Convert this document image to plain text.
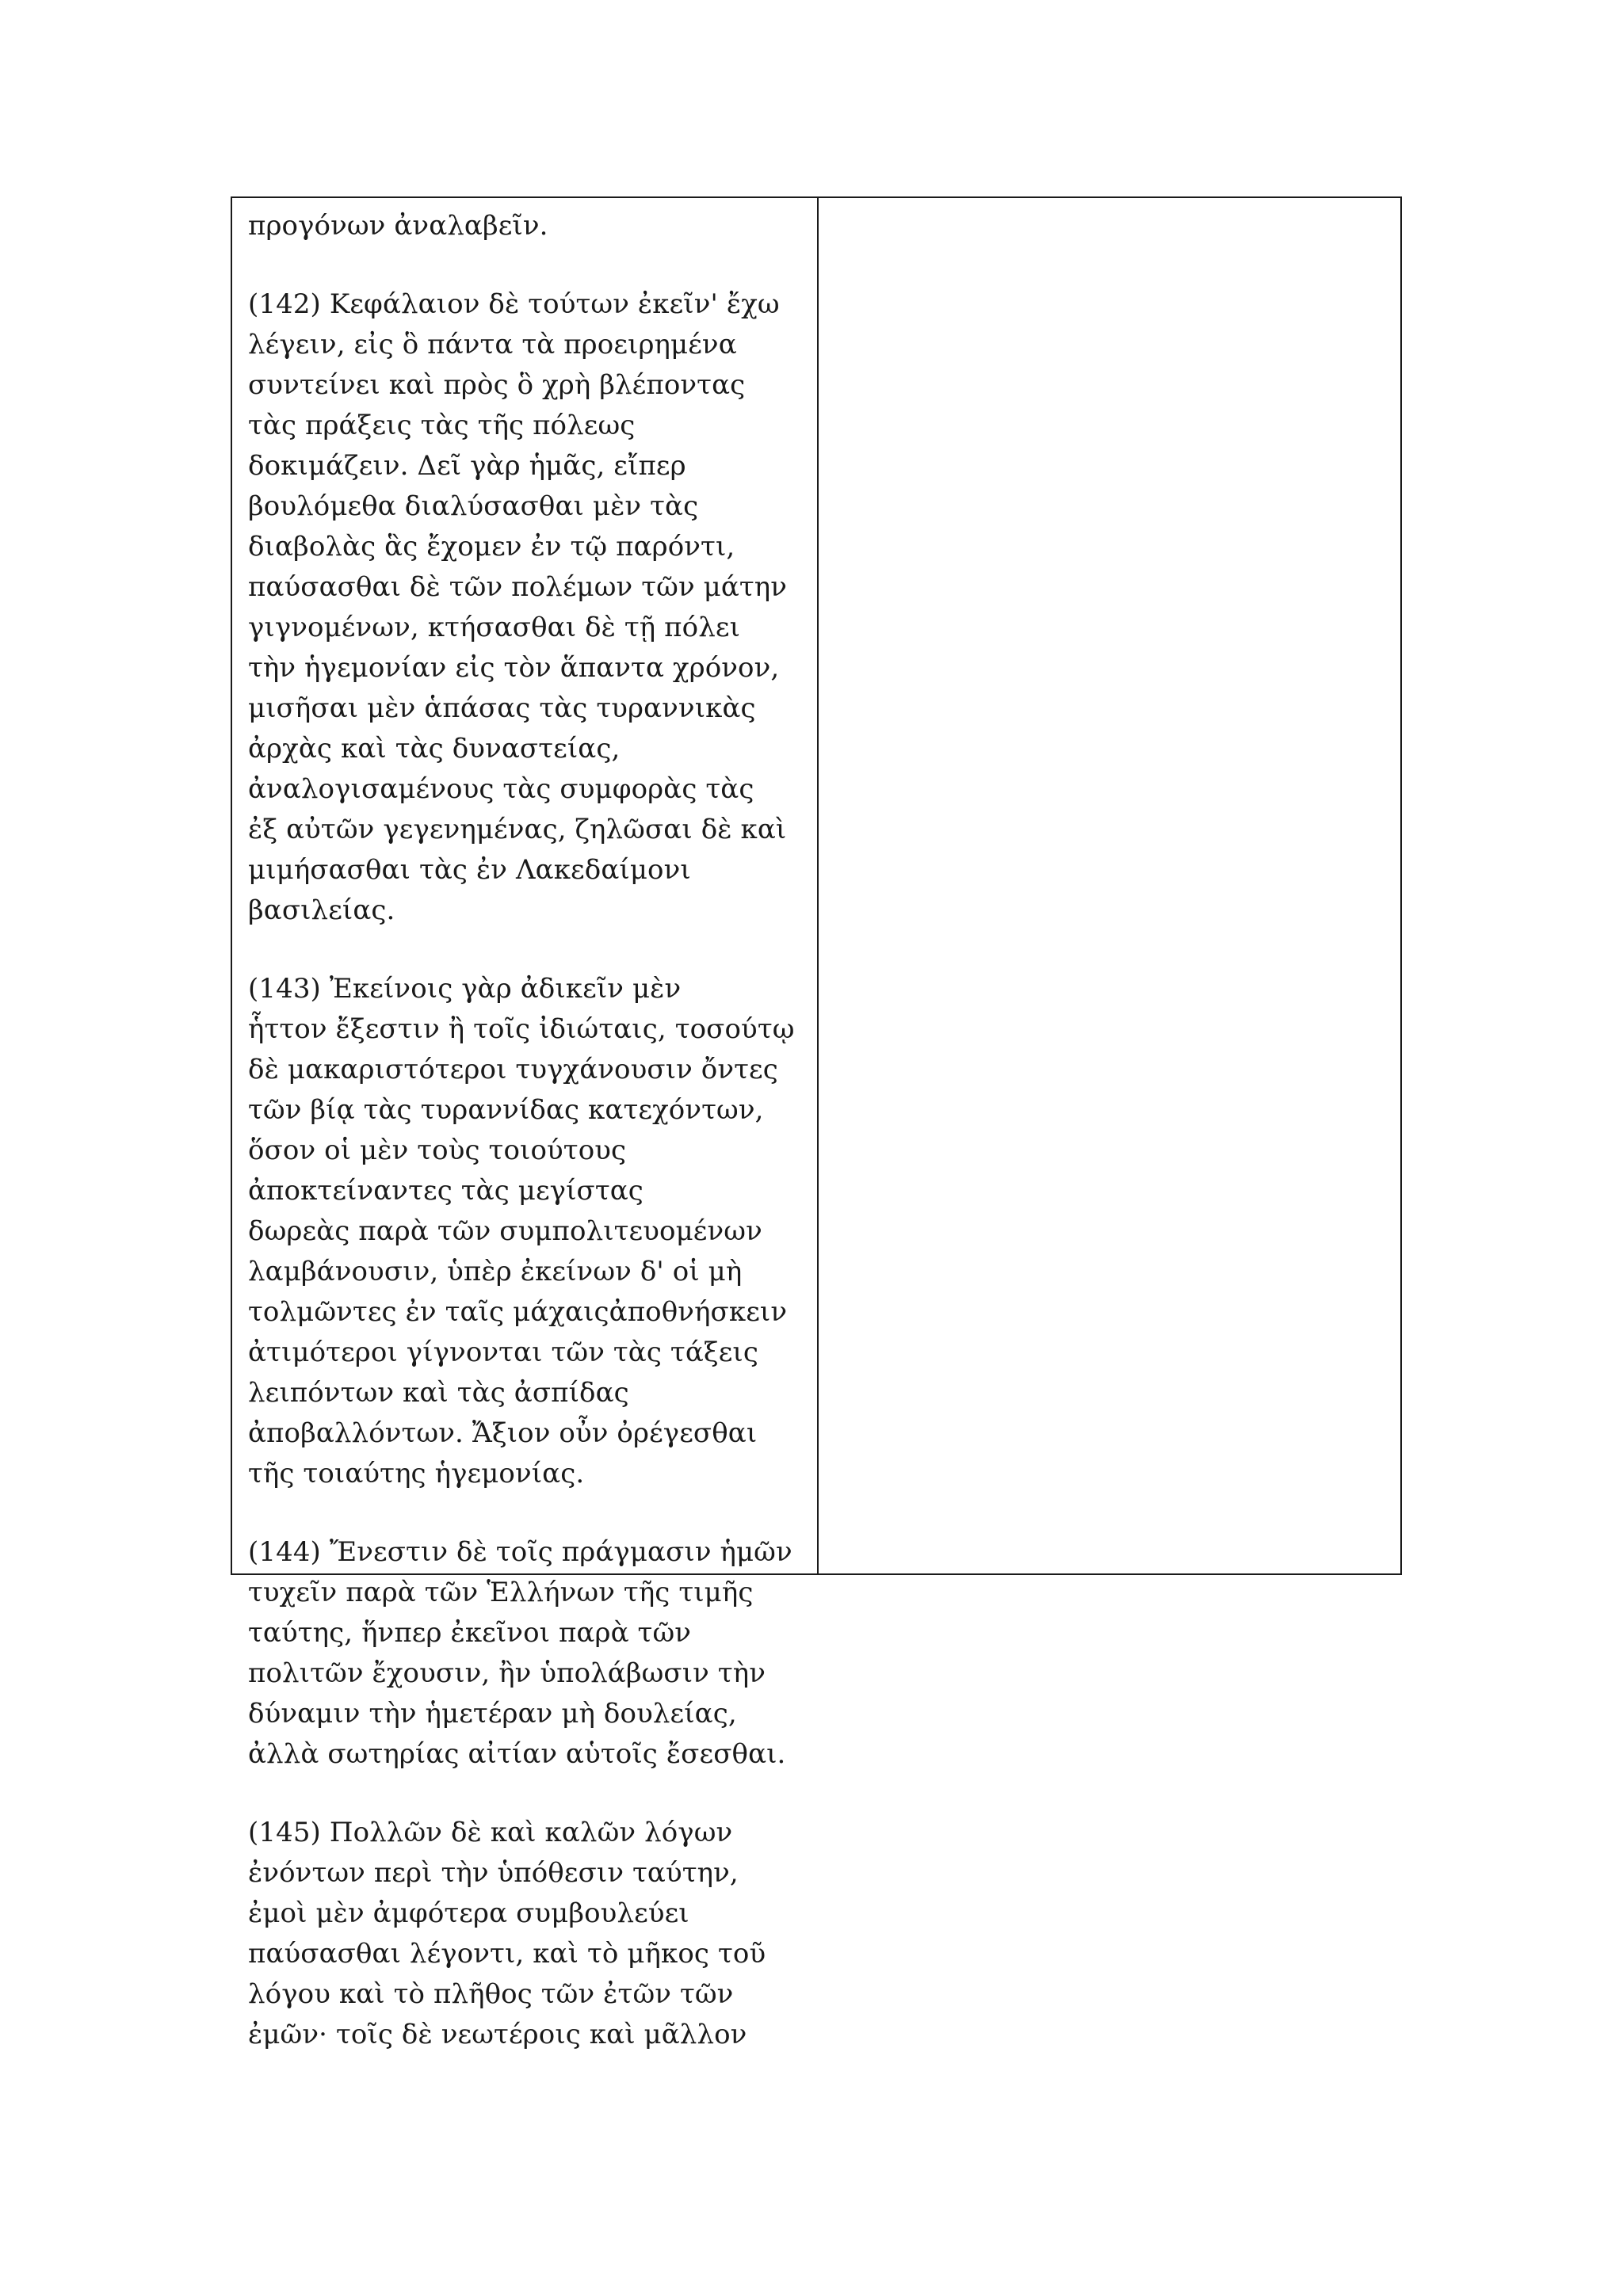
προγόνων ἀναλαβεῖν.

(142) Κεφάλαιον δὲ τούτων ἐκεῖν' ἔχω
λέγειν, εἰς ὃ πάντα τὰ προειρημένα
συντείνει καὶ πρὸς ὃ χρὴ βλέποντας
τὰς πράξεις τὰς τῆς πόλεως
δοκιμάζειν. Δεῖ γὰρ ἡμᾶς, εἴπερ
βουλόμεθα διαλύσασθαι μὲν τὰς
διαβολὰς ἃς ἔχομεν ἐν τῷ παρόντι,
παύσασθαι δὲ τῶν πολέμων τῶν μάτην
γιγνομένων, κτήσασθαι δὲ τῇ πόλει
τὴν ἡγεμονίαν εἰς τὸν ἅπαντα χρόνον,
μισῆσαι μὲν ἁπάσας τὰς τυραννικὰς
ἀρχὰς καὶ τὰς δυναστείας,
ἀναλογισαμένους τὰς συμφορὰς τὰς
ἐξ αὐτῶν γεγενημένας, ζηλῶσαι δὲ καὶ
μιμήσασθαι τὰς ἐν Λακεδαίμονι
βασιλείας.

(143) Ἐκείνοις γὰρ ἀδικεῖν μὲν
ἧττον ἔξεστιν ἢ τοῖς ἰδιώταις, τοσούτῳ
δὲ μακαριστότεροι τυγχάνουσιν ὄντες
τῶν βίᾳ τὰς τυραννίδας κατεχόντων,
ὅσον οἱ μὲν τοὺς τοιούτους
ἀποκτείναντες τὰς μεγίστας
δωρεὰς παρὰ τῶν συμπολιτευομένων
λαμβάνουσιν, ὑπὲρ ἐκείνων δ' οἱ μὴ
τολμῶντες ἐν ταῖς μάχαιςἀποθνήσκειν
ἀτιμότεροι γίγνονται τῶν τὰς τάξεις
λειπόντων καὶ τὰς ἀσπίδας
ἀποβαλλόντων. Ἄξιον οὖν ὀρέγεσθαι
τῆς τοιαύτης ἡγεμονίας.

(144) Ἔνεστιν δὲ τοῖς πράγμασιν ἡμῶν
τυχεῖν παρὰ τῶν Ἑλλήνων τῆς τιμῆς
ταύτης, ἥνπερ ἐκεῖνοι παρὰ τῶν
πολιτῶν ἔχουσιν, ἢν ὑπολάβωσιν τὴν
δύναμιν τὴν ἡμετέραν μὴ δουλείας,
ἀλλὰ σωτηρίας αἰτίαν αὑτοῖς ἔσεσθαι.

(145) Πολλῶν δὲ καὶ καλῶν λόγων
ἐνόντων περὶ τὴν ὑπόθεσιν ταύτην,
ἐμοὶ μὲν ἀμφότερα συμβουλεύει
παύσασθαι λέγοντι, καὶ τὸ μῆκος τοῦ
λόγου καὶ τὸ πλῆθος τῶν ἐτῶν τῶν
ἐμῶν· τοῖς δὲ νεωτέροις καὶ μᾶλλον
